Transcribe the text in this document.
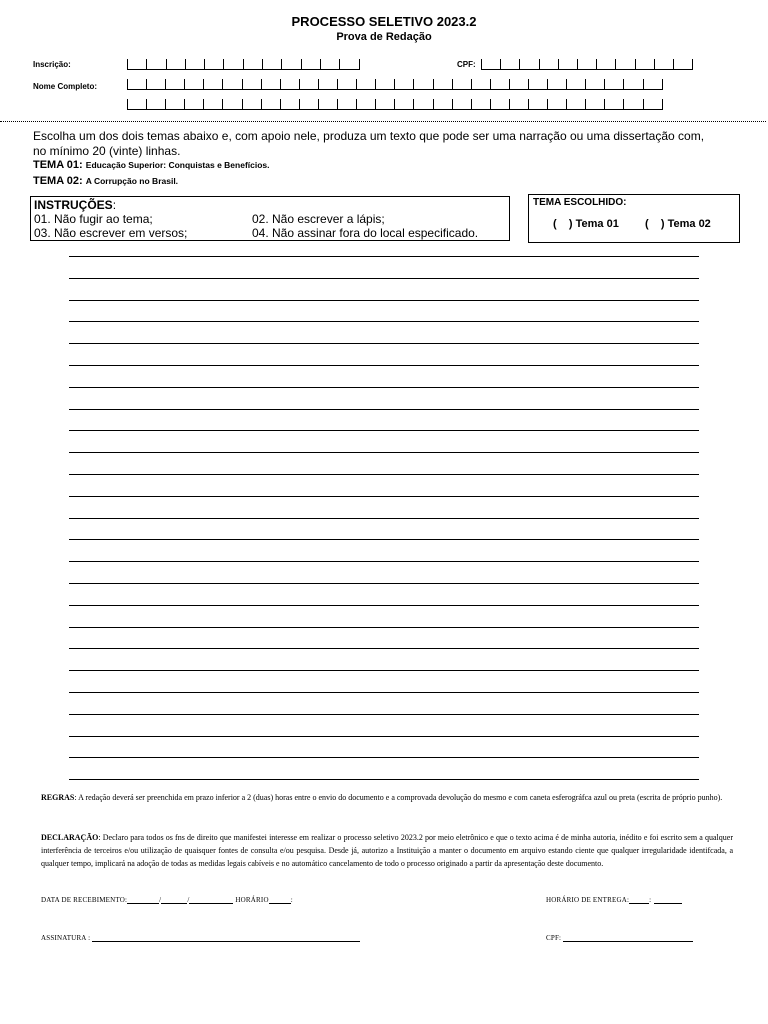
PROCESSO SELETIVO 2023.2
Prova de Redação
Inscrição:	CPF:
Nome Completo:
Escolha um dos dois temas abaixo e, com apoio nele, produza um texto que pode ser uma narração ou uma dissertação com, no mínimo 20 (vinte) linhas.
TEMA 01: Educação Superior: Conquistas e Benefícios.
TEMA 02: A Corrupção no Brasil.
INSTRUÇÕES:
01. Não fugir ao tema;	02. Não escrever a lápis;
03. Não escrever em versos;	04. Não assinar fora do local especificado.
TEMA ESCOLHIDO:
(    ) Tema 01 (    ) Tema 02
REGRAS: A redação deverá ser preenchida em prazo inferior a 2 (duas) horas entre o envio do documento e a comprovada devolução do mesmo e com caneta esferográfca azul ou preta (escrita de próprio punho).
DECLARAÇÃO: Declaro para todos os fns de direito que manifestei interesse em realizar o processo seletivo 2023.2 por meio eletrônico e que o texto acima é de minha autoria, inédito e foi escrito sem a qualquer interferência de terceiros e/ou utilização de quaisquer fontes de consulta e/ou pesquisa. Desde já, autorizo a Instituição a manter o documento em arquivo estando ciente que qualquer irregularidade identifcada, a qualquer tempo, implicará na adoção de todas as medidas legais cabíveis e no automático cancelamento de todo o processo originado a partir da apresentação deste documento.
DATA DE RECEBIMENTO:	/	/	HORÁRIO	:	HORÁRIO DE ENTREGA:	:
ASSINATURA :	CPF:
